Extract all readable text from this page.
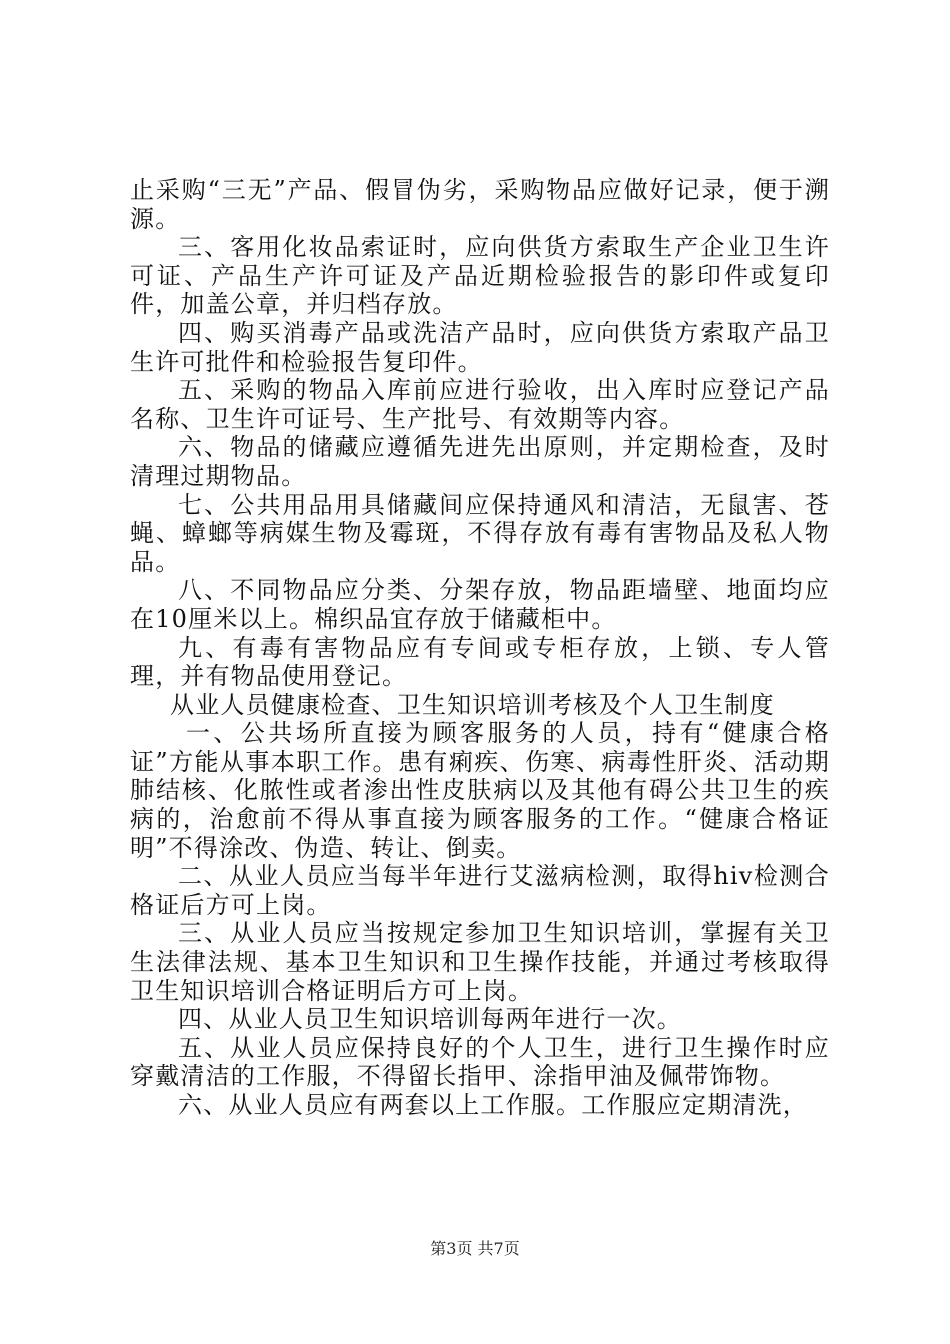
止采购“三无”产品、假冒伪劣，采购物品应做好记录，便于溯源。

三、客用化妆品索证时，应向供货方索取生产企业卫生许可证、产品生产许可证及产品近期检验报告的影印件或复印件，加盖公章，并归档存放。

四、购买消毒产品或洗洁产品时，应向供货方索取产品卫生许可批件和检验报告复印件。

五、采购的物品入库前应进行验收，出入库时应登记产品名称、卫生许可证号、生产批号、有效期等内容。

六、物品的储藏应遵循先进先出原则，并定期检查，及时清理过期物品。

七、公共用品用具储藏间应保持通风和清洁，无鼠害、苍蝇、蟑螂等病媒生物及霉斑，不得存放有毒有害物品及私人物品。

八、不同物品应分类、分架存放，物品距墙壁、地面均应在10厘米以上。棉织品宜存放于储藏柜中。

九、有毒有害物品应有专间或专柜存放，上锁、专人管理，并有物品使用登记。

从业人员健康检查、卫生知识培训考核及个人卫生制度

一、公共场所直接为顾客服务的人员，持有“健康合格证”方能从事本职工作。患有痢疾、伤寒、病毒性肝炎、活动期肺结核、化脓性或者渗出性皮肤病以及其他有碍公共卫生的疾病的，治愈前不得从事直接为顾客服务的工作。“健康合格证明”不得涂改、伪造、转让、倒卖。

二、从业人员应当每半年进行艾滋病检测，取得hiv检测合格证后方可上岗。

三、从业人员应当按规定参加卫生知识培训，掌握有关卫生法律法规、基本卫生知识和卫生操作技能，并通过考核取得卫生知识培训合格证明后方可上岗。

四、从业人员卫生知识培训每两年进行一次。

五、从业人员应保持良好的个人卫生，进行卫生操作时应穿戴清洁的工作服，不得留长指甲、涂指甲油及佩带饰物。

六、从业人员应有两套以上工作服。工作服应定期清洗，

第3页 共7页
